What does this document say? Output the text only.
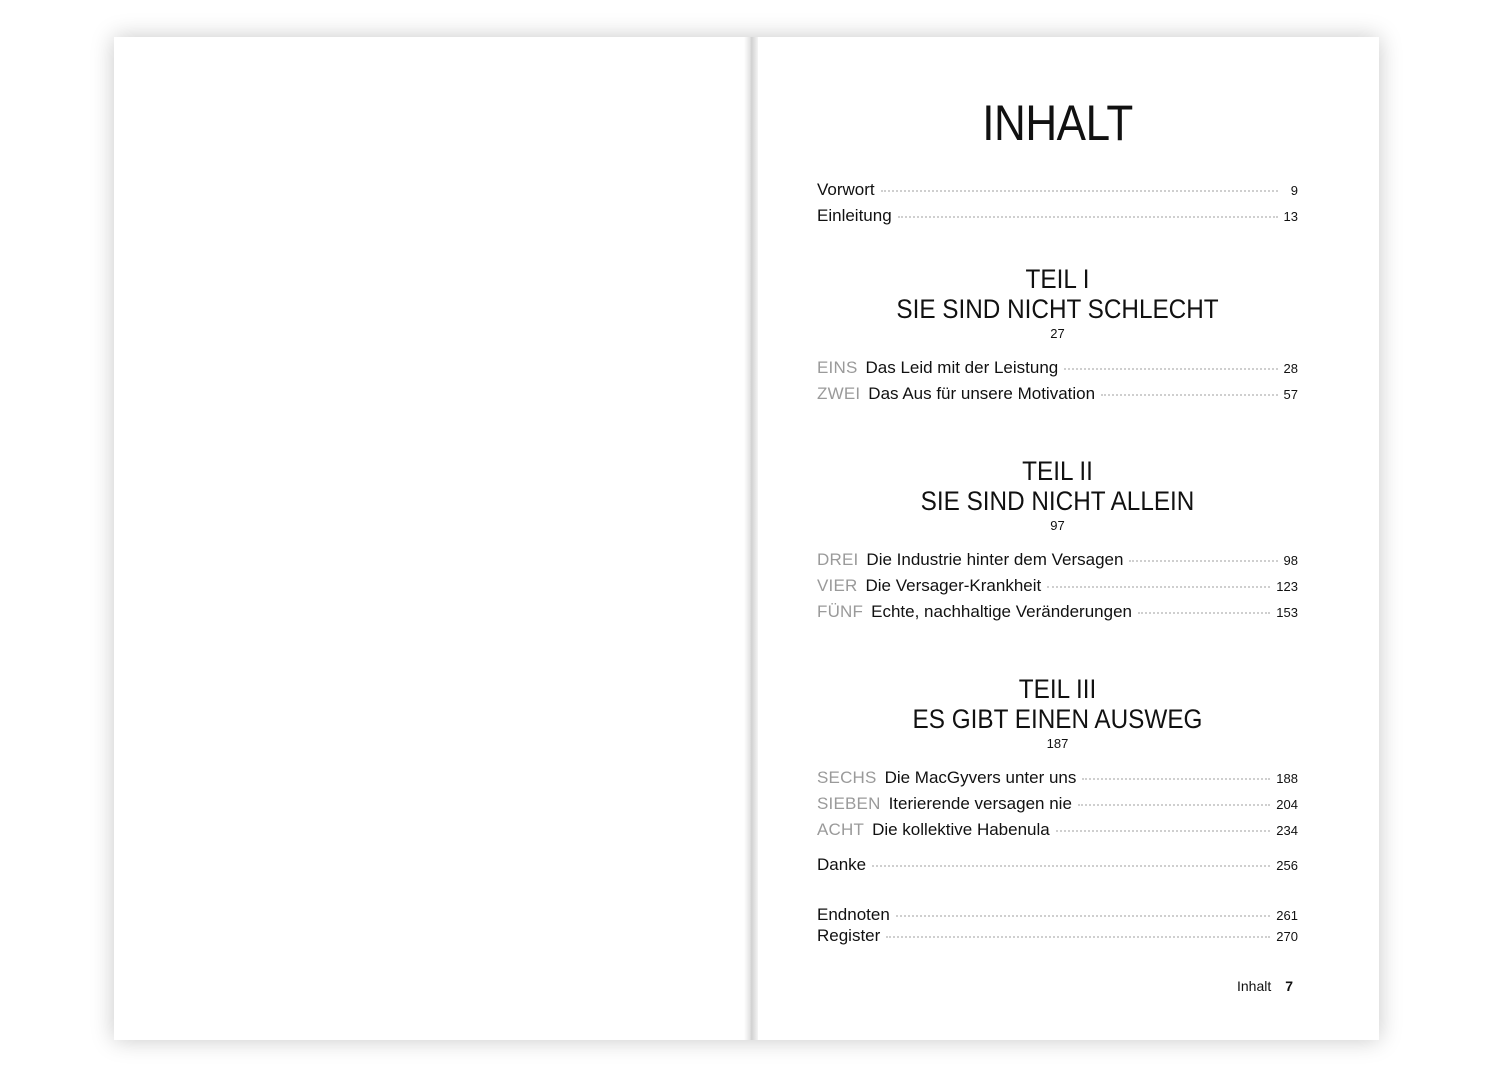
INHALT
Vorwort	9
Einleitung	13
TEIL I
SIE SIND NICHT SCHLECHT
27
EINS Das Leid mit der Leistung	28
ZWEI Das Aus für unsere Motivation	57
TEIL II
SIE SIND NICHT ALLEIN
97
DREI Die Industrie hinter dem Versagen	98
VIER Die Versager-Krankheit	123
FÜNF Echte, nachhaltige Veränderungen	153
TEIL III
ES GIBT EINEN AUSWEG
187
SECHS Die MacGyvers unter uns	188
SIEBEN Iterierende versagen nie	204
ACHT Die kollektive Habenula	234
Danke	256
Endnoten	261
Register	270
Inhalt 7
